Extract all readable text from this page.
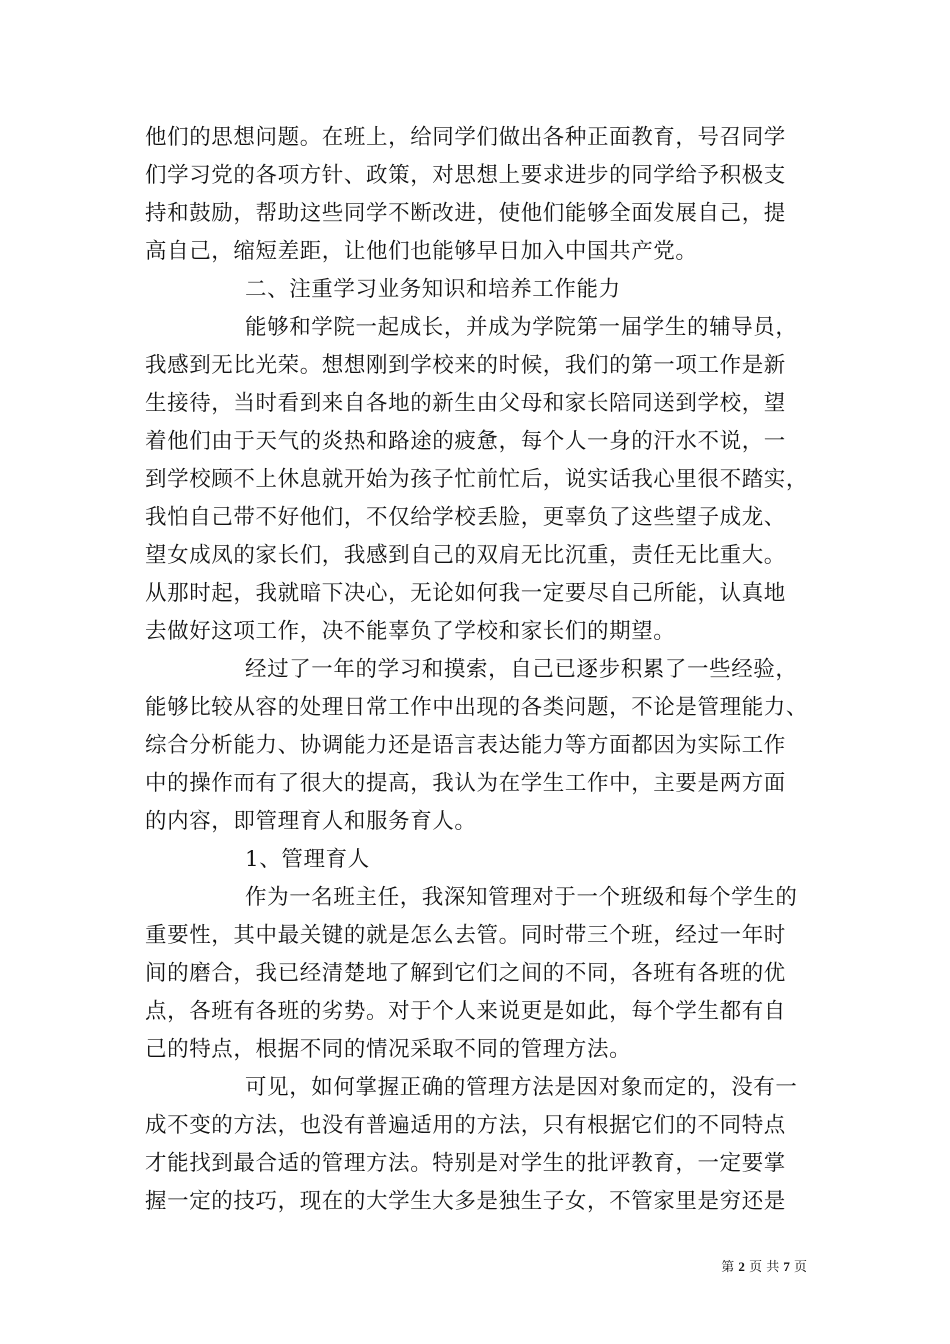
他们的思想问题。在班上，给同学们做出各种正面教育，号召同学
们学习党的各项方针、政策，对思想上要求进步的同学给予积极支
持和鼓励，帮助这些同学不断改进，使他们能够全面发展自己，提
高自己，缩短差距，让他们也能够早日加入中国共产党。
二、注重学习业务知识和培养工作能力
能够和学院一起成长，并成为学院第一届学生的辅导员，
我感到无比光荣。想想刚到学校来的时候，我们的第一项工作是新
生接待，当时看到来自各地的新生由父母和家长陪同送到学校，望
着他们由于天气的炎热和路途的疲惫，每个人一身的汗水不说，一
到学校顾不上休息就开始为孩子忙前忙后，说实话我心里很不踏实，
我怕自己带不好他们，不仅给学校丢脸，更辜负了这些望子成龙、
望女成凤的家长们，我感到自己的双肩无比沉重，责任无比重大。
从那时起，我就暗下决心，无论如何我一定要尽自己所能，认真地
去做好这项工作，决不能辜负了学校和家长们的期望。
经过了一年的学习和摸索，自己已逐步积累了一些经验，
能够比较从容的处理日常工作中出现的各类问题，不论是管理能力、
综合分析能力、协调能力还是语言表达能力等方面都因为实际工作
中的操作而有了很大的提高，我认为在学生工作中，主要是两方面
的内容，即管理育人和服务育人。
1、管理育人
作为一名班主任，我深知管理对于一个班级和每个学生的
重要性，其中最关键的就是怎么去管。同时带三个班，经过一年时
间的磨合，我已经清楚地了解到它们之间的不同，各班有各班的优
点，各班有各班的劣势。对于个人来说更是如此，每个学生都有自
己的特点，根据不同的情况采取不同的管理方法。
可见，如何掌握正确的管理方法是因对象而定的，没有一
成不变的方法，也没有普遍适用的方法，只有根据它们的不同特点
才能找到最合适的管理方法。特别是对学生的批评教育，一定要掌
握一定的技巧，现在的大学生大多是独生子女，不管家里是穷还是
第 2 页 共 7 页
